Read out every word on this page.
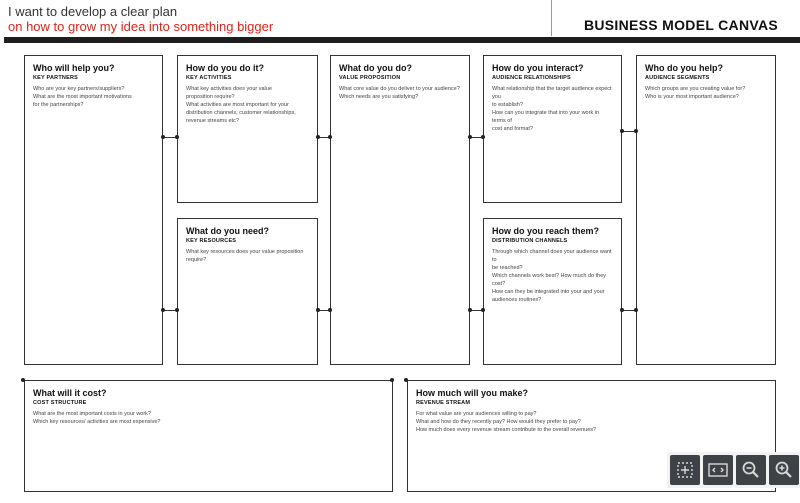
I want to develop a clear plan
on how to grow my idea into something bigger	BUSINESS MODEL CANVAS
Who will help you?
KEY PARTNERS
Who are your key partners/suppliers?
What are the most important motivations
for the partnerships?
How do you do it?
KEY ACTIVITIES
What key activities does your value
proposition require?
What activities are most important for your
distribution channels, customer relationships,
revenue streams etc?
What do you need?
KEY RESOURCES
What key resources does your value proposition
require?
What do you do?
VALUE PROPOSITION
What core value do you deliver to your audience?
Which needs are you satisfying?
How do you interact?
AUDIENCE RELATIONSHIPS
What relationship that the target audience expect you
to establish?
How can you integrate that into your work in terms of
cost and format?
How do you reach them?
DISTRIBUTION CHANNELS
Through which channel does your audience want to
be reached?
Which channels work best? How much do they cost?
How can they be integrated into your and your
audiences routines?
Who do you help?
AUDIENCE SEGMENTS
Which groups are you creating value for?
Who is your most important audience?
What will it cost?
COST STRUCTURE
What are the most important costs in your work?
Which key resources/ activities are most expensive?
How much will you make?
REVENUE STREAM
For what value are your audiences willing to pay?
What and how do they recently pay? How would they prefer to pay?
How much does every revenue stream contribute to the overall revenues?
